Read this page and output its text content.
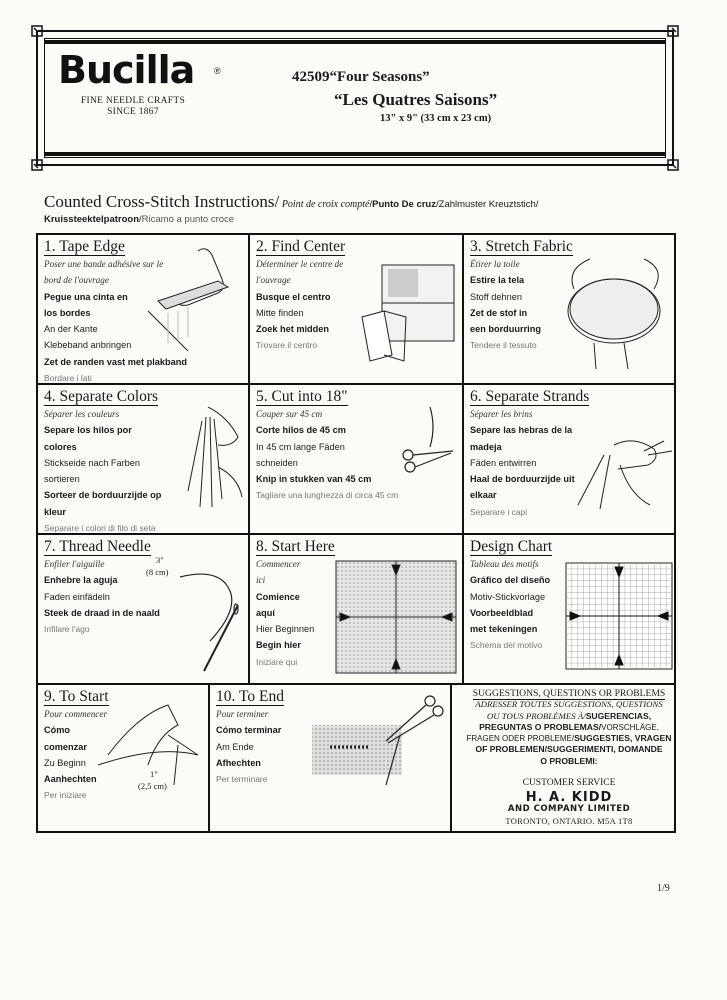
Bucilla ®
FINE NEEDLE CRAFTS
SINCE 1867
42509“Four Seasons”
“Les Quatres Saisons”
13" x 9" (33 cm x 23 cm)
Counted Cross-Stitch Instructions/ Point de croix compté/Punto De cruz/Zahlmuster Kreuztstich/
Kruissteektelpatroon/Ricamo a punto croce
1. Tape Edge
Poser une bande adhésive sur le
bord de l'ouvrage
Pegue una cinta en
los bordes
An der Kante
Klebeband anbringen
Zet de randen vast met plakband
Bordare i lati
2. Find Center
Déterminer le centre de
l'ouvrage
Busque el centro
Mitte finden
Zoek het midden
Trovare il centro
3. Stretch Fabric
Étirer la toile
Estire la tela
Stoff dehnen
Zet de stof in
een borduurring
Tendere il tessuto
4. Separate Colors
Séparer les couleurs
Separe los hilos por
colores
Stickseide nach Farben
sortieren
Sorteer de borduurzijde op
kleur
Separare i colori di filo di seta
5. Cut into 18"
Couper sur 45 cm
Corte hilos de 45 cm
In 45 cm lange Fäden
schneiden
Knip in stukken van 45 cm
Tagliare una lunghezza di circa 45 cm
6. Separate Strands
Séparer les brins
Separe las hebras de la
madeja
Fäden entwirren
Haal de borduurzijde uit
elkaar
Separare i capi
7. Thread Needle
Enfiler l'aiguille
Enhebre la aguja
Faden einfädeln
Steek de draad in de naald
Infilare l'ago
3"
(8 cm)
8. Start Here
Commencer
ici
Comience
aquí
Hier Beginnen
Begin hier
Iniziare qui
Design Chart
Tableau des motifs
Gráfico del diseño
Motiv-Stickvorlage
Voorbeeldblad
met tekeningen
Schema del motivo
9. To Start
Pour commencer
Cómo
comenzar
Zu Beginn
Aanhechten
Per iniziare
1"
(2,5 cm)
10. To End
Pour terminer
Cómo terminar
Am Ende
Afhechten
Per terminare
SUGGESTIONS, QUESTIONS OR PROBLEMS
ADRESSER TOUTES SUGGESTIONS, QUESTIONS
OU TOUS PROBLÈMES À/SUGERENCIAS,
PREGUNTAS O PROBLEMAS/VORSCHLÄGE,
FRAGEN ODER PROBLEME/SUGGESTIES, VRAGEN
OF PROBLEMEN/SUGGERIMENTI, DOMANDE
O PROBLEMI:
CUSTOMER SERVICE
H. A. KIDD
AND COMPANY LIMITED
TORONTO, ONTARIO. M5A 1T8
1/9
